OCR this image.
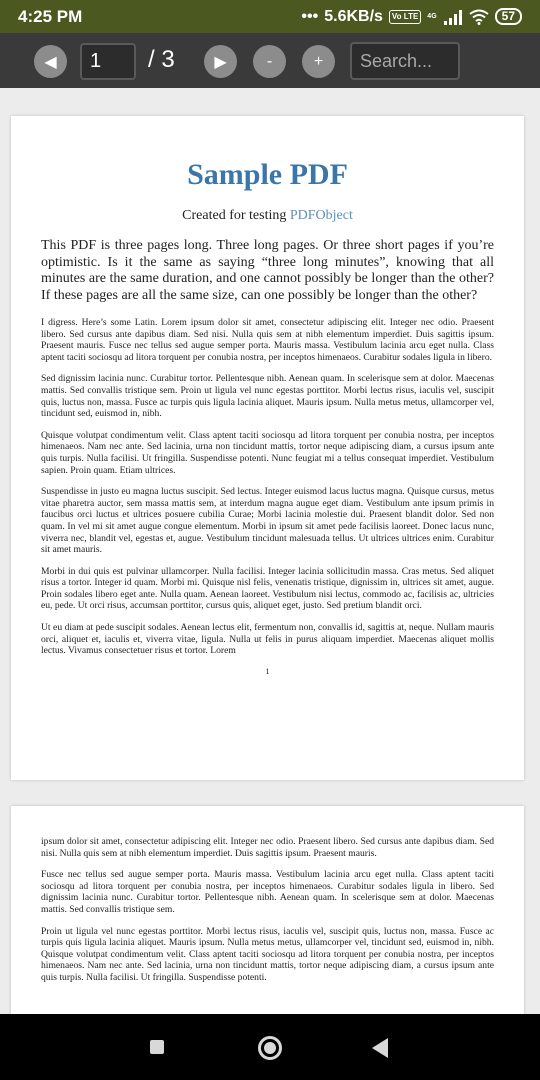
4:25 PM	••• 5.6KB/s	Vo LTE	4G	57
◀
1	/ 3 ▶	-	+
Search...
Sample PDF
Created for testing PDFObject

This PDF is three pages long. Three long pages. Or three short pages if you’re optimistic. Is it the same as saying “three long minutes”, knowing that all minutes are the same duration, and one cannot possibly be longer than the other? If these pages are all the same size, can one possibly be longer than the other?

I digress. Here’s some Latin. Lorem ipsum dolor sit amet, consectetur adipiscing elit. Integer nec odio. Praesent libero. Sed cursus ante dapibus diam. Sed nisi. Nulla quis sem at nibh elementum imperdiet. Duis sagittis ipsum. Praesent mauris. Fusce nec tellus sed augue semper porta. Mauris massa. Vestibulum lacinia arcu eget nulla. Class aptent taciti sociosqu ad litora torquent per conubia nostra, per inceptos himenaeos. Curabitur sodales ligula in libero.

Sed dignissim lacinia nunc. Curabitur tortor. Pellentesque nibh. Aenean quam. In scelerisque sem at dolor. Maecenas mattis. Sed convallis tristique sem. Proin ut ligula vel nunc egestas porttitor. Morbi lectus risus, iaculis vel, suscipit quis, luctus non, massa. Fusce ac turpis quis ligula lacinia aliquet. Mauris ipsum. Nulla metus metus, ullamcorper vel, tincidunt sed, euismod in, nibh.

Quisque volutpat condimentum velit. Class aptent taciti sociosqu ad litora torquent per conubia nostra, per inceptos himenaeos. Nam nec ante. Sed lacinia, urna non tincidunt mattis, tortor neque adipiscing diam, a cursus ipsum ante quis turpis. Nulla facilisi. Ut fringilla. Suspendisse potenti. Nunc feugiat mi a tellus consequat imperdiet. Vestibulum sapien. Proin quam. Etiam ultrices.

Suspendisse in justo eu magna luctus suscipit. Sed lectus. Integer euismod lacus luctus magna. Quisque cursus, metus vitae pharetra auctor, sem massa mattis sem, at interdum magna augue eget diam. Vestibulum ante ipsum primis in faucibus orci luctus et ultrices posuere cubilia Curae; Morbi lacinia molestie dui. Praesent blandit dolor. Sed non quam. In vel mi sit amet augue congue elementum. Morbi in ipsum sit amet pede facilisis laoreet. Donec lacus nunc, viverra nec, blandit vel, egestas et, augue. Vestibulum tincidunt malesuada tellus. Ut ultrices ultrices enim. Curabitur sit amet mauris.

Morbi in dui quis est pulvinar ullamcorper. Nulla facilisi. Integer lacinia sollicitudin massa. Cras metus. Sed aliquet risus a tortor. Integer id quam. Morbi mi. Quisque nisl felis, venenatis tristique, dignissim in, ultrices sit amet, augue. Proin sodales libero eget ante. Nulla quam. Aenean laoreet. Vestibulum nisi lectus, commodo ac, facilisis ac, ultricies eu, pede. Ut orci risus, accumsan porttitor, cursus quis, aliquet eget, justo. Sed pretium blandit orci.

Ut eu diam at pede suscipit sodales. Aenean lectus elit, fermentum non, convallis id, sagittis at, neque. Nullam mauris orci, aliquet et, iaculis et, viverra vitae, ligula. Nulla ut felis in purus aliquam imperdiet. Maecenas aliquet mollis lectus. Vivamus consectetuer risus et tortor. Lorem

1

ipsum dolor sit amet, consectetur adipiscing elit. Integer nec odio. Praesent libero. Sed cursus ante dapibus diam. Sed nisi. Nulla quis sem at nibh elementum imperdiet. Duis sagittis ipsum. Praesent mauris.

Fusce nec tellus sed augue semper porta. Mauris massa. Vestibulum lacinia arcu eget nulla. Class aptent taciti sociosqu ad litora torquent per conubia nostra, per inceptos himenaeos. Curabitur sodales ligula in libero. Sed dignissim lacinia nunc. Curabitur tortor. Pellentesque nibh. Aenean quam. In scelerisque sem at dolor. Maecenas mattis. Sed convallis tristique sem.

Proin ut ligula vel nunc egestas porttitor. Morbi lectus risus, iaculis vel, suscipit quis, luctus non, massa. Fusce ac turpis quis ligula lacinia aliquet. Mauris ipsum. Nulla metus metus, ullamcorper vel, tincidunt sed, euismod in, nibh. Quisque volutpat condimentum velit. Class aptent taciti sociosqu ad litora torquent per conubia nostra, per inceptos himenaeos. Nam nec ante. Sed lacinia, urna non tincidunt mattis, tortor neque adipiscing diam, a cursus ipsum ante quis turpis. Nulla facilisi. Ut fringilla. Suspendisse potenti.
